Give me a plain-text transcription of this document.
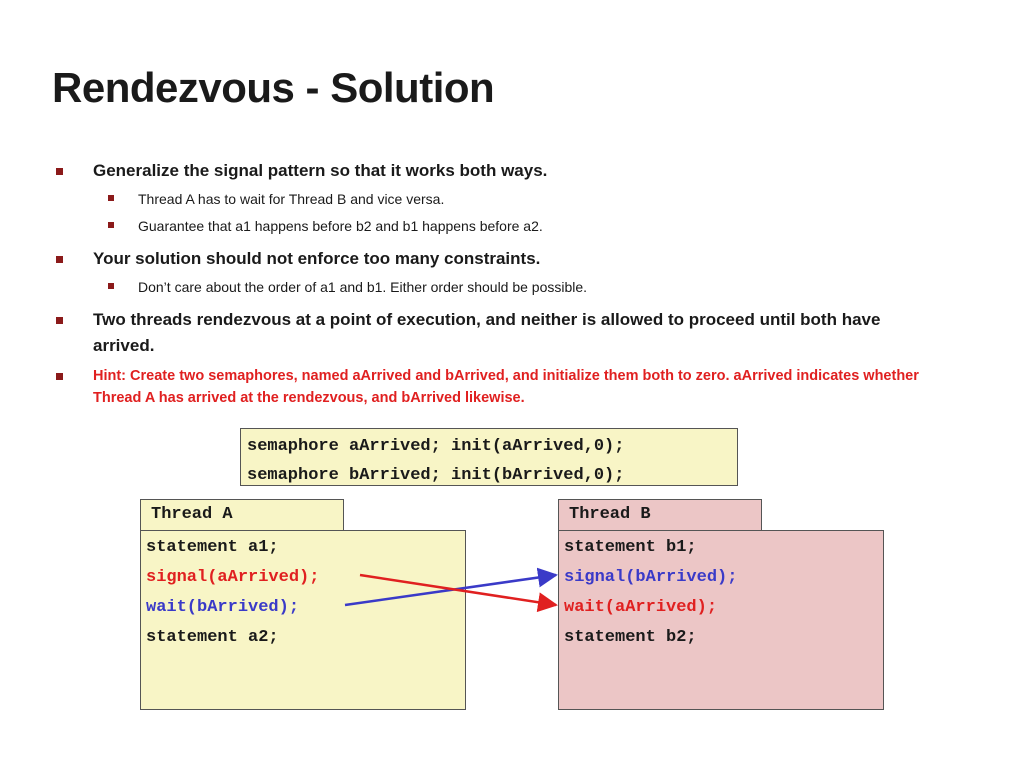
Rendezvous - Solution
Generalize the signal pattern so that it works both ways.
Thread A has to wait for Thread B and vice versa.
Guarantee that a1 happens before b2 and b1 happens before a2.
Your solution should not enforce too many constraints.
Don’t care about the order of a1 and b1. Either order should be possible.
Two threads rendezvous at a point of execution, and neither is allowed to proceed until both have arrived.
Hint: Create two semaphores, named aArrived and bArrived, and initialize them both to zero. aArrived indicates whether Thread A has arrived at the rendezvous, and bArrived likewise.
semaphore aArrived; init(aArrived,0);
semaphore bArrived; init(bArrived,0);
Thread A
statement a1;
signal(aArrived);
wait(bArrived);
statement a2;
Thread B
statement b1;
signal(bArrived);
wait(aArrived);
statement b2;
